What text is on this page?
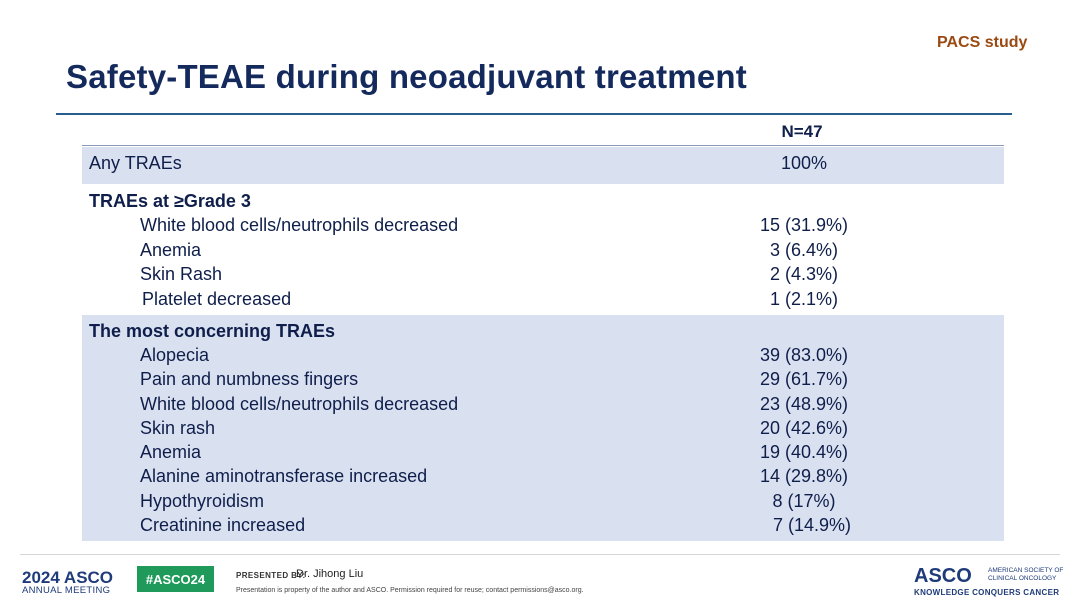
PACS study
Safety-TEAE during neoadjuvant treatment
N=47
Any TRAEs	100%
TRAEs at ≥Grade 3
White blood cells/neutrophils decreased	15 (31.9%)
Anemia	3 (6.4%)
Skin Rash	2 (4.3%)
Platelet decreased	1 (2.1%)
The most concerning TRAEs
Alopecia	39 (83.0%)
Pain and numbness fingers	29 (61.7%)
White blood cells/neutrophils decreased	23 (48.9%)
Skin rash	20 (42.6%)
Anemia	19 (40.4%)
Alanine aminotransferase increased	14 (29.8%)
Hypothyroidism	8 (17%)
Creatinine increased	7 (14.9%)
2024 ASCO
ANNUAL MEETING
#ASCO24	PRESENTED BY:
Dr. Jihong Liu
Presentation is property of the author and ASCO. Permission required for reuse; contact permissions@asco.org.
ASCO AMERICAN SOCIETY OF CLINICAL ONCOLOGY
KNOWLEDGE CONQUERS CANCER
